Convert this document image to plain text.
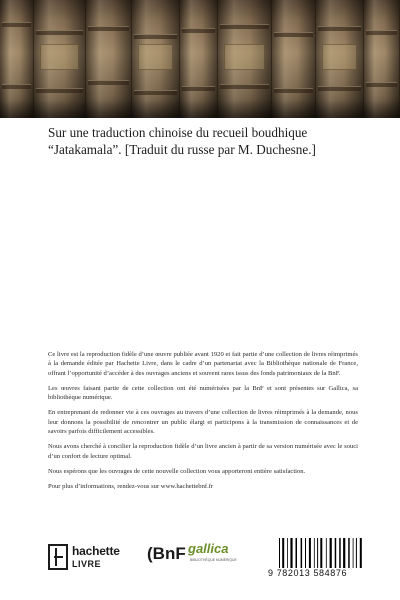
Sur une traduction chinoise du recueil boudhique “Jatakamala”. [Traduit du russe par M. Duchesne.]

Ce livre est la reproduction fidèle d’une œuvre publiée avant 1920 et fait partie d’une collection de livres réimprimés à la demande éditée par Hachette Livre, dans le cadre d’un partenariat avec la Bibliothèque nationale de France, offrant l’opportunité d’accéder à des ouvrages anciens et souvent rares issus des fonds patrimoniaux de la BnF.

Les œuvres faisant partie de cette collection ont été numérisées par la BnF et sont présentes sur Gallica, sa bibliothèque numérique.

En entreprenant de redonner vie à ces ouvrages au travers d’une collection de livres réimprimés à la demande, nous leur donnons la possibilité de rencontrer un public élargi et participons à la transmission de connaissances et de savoirs parfois difficilement accessibles.

Nous avons cherché à concilier la reproduction fidèle d’un livre ancien à partir de sa version numérisée avec le souci d’un confort de lecture optimal.

Nous espérons que les ouvrages de cette nouvelle collection vous apporteront entière satisfaction.

Pour plus d’informations, rendez-vous sur www.hachettebnf.fr

hachette
LIVRE
(BnF gallica
BIBLIOTHÈQUE NUMÉRIQUE
9 782013 584876
